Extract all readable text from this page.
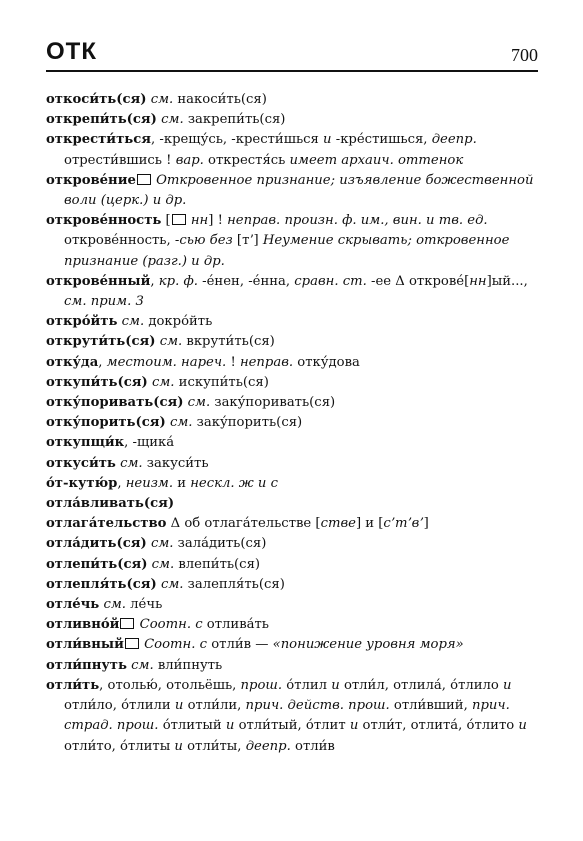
ОТК	700

откоси́ть(ся) см. накоси́ть(ся)

открепи́ть(ся) см. закрепи́ть(ся)

открести́ться, -крещу́сь, -крести́шься и -кре́стишься, деепр. отрести́вшись ! вар. открестя́сь имеет архаич. оттенок

откровéние Откровенное признание; изъявление божественной воли (церк.) и др.

откровéнность [ нн] ! неправ. произн. ф. им., вин. и тв. ед. откровéнность, -сью без [тʼ] Неумение скрывать; откровенное признание (разг.) и др.

откровéнный, кр. ф. -éнен, -éнна, сравн. ст. -ее Δ откровé[нн]ый..., см. прим. 3

откро́йть см. докро́йть

открути́ть(ся) см. вкрути́ть(ся)

отку́да, местоим. нареч. ! неправ. отку́дова

откупи́ть(ся) см. искупи́ть(ся)

отку́поривать(ся) см. заку́поривать(ся)

отку́порить(ся) см. заку́порить(ся)

откупщи́к, -щика́

откуси́ть см. закуси́ть

о́т-кутю́р, неизм. и нескл. ж и с

отла́вливать(ся)

отлага́тельство Δ об отлага́тельстве [стве] и [сʼтʼвʼ]

отла́дить(ся) см. зала́дить(ся)

отлепи́ть(ся) см. влепи́ть(ся)

отлепля́ть(ся) см. залепля́ть(ся)

отле́чь см. ле́чь

отливно́й Соотн. с отлива́ть

отли́вный Соотн. с отли́в — «понижение уровня моря»

отли́пнуть см. вли́пнуть

отли́ть, отолью́, отольёшь, прош. о́тлил и отли́л, отлила́, о́тлило и отли́ло, о́тлили и отли́ли, прич. действ. прош. отли́вший, прич. страд. прош. о́тлитый и отли́тый, о́тлит и отли́т, отлита́, о́тлито и отли́то, о́тлиты и отли́ты, деепр. отли́в
